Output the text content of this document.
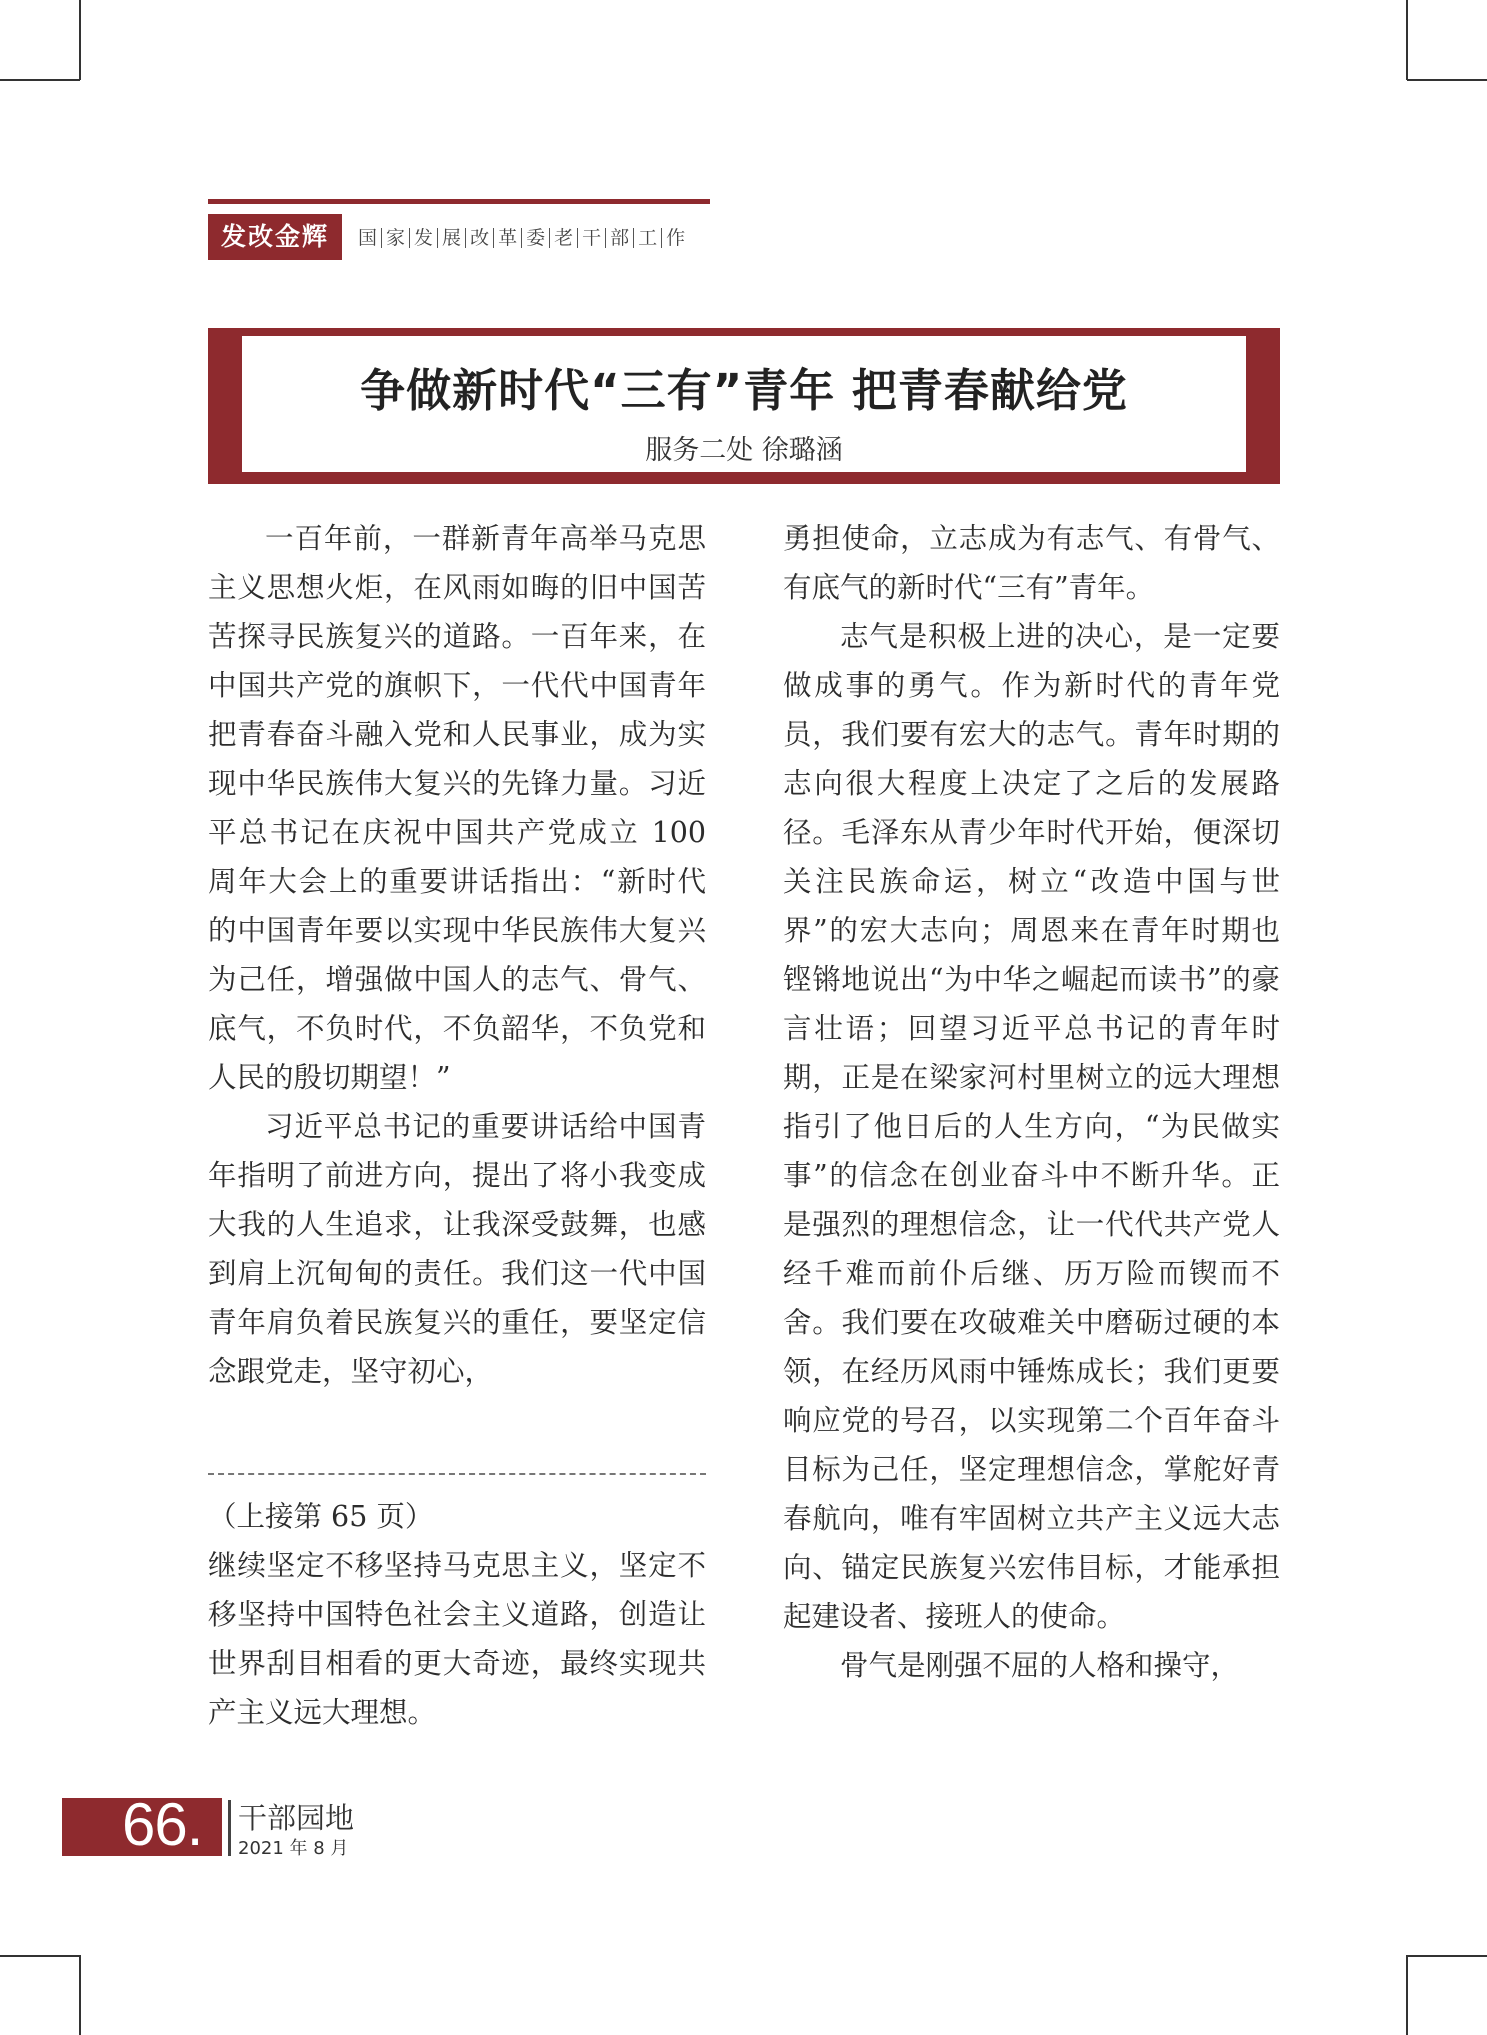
发改金辉	国 家 发 展 改 革 委 老 干 部 工 作
争做新时代“三有”青年 把青春献给党
服务二处 徐璐涵

一百年前，一群新青年高举马克思主义思想火炬，在风雨如晦的旧中国苦苦探寻民族复兴的道路。一百年来，在中国共产党的旗帜下，一代代中国青年把青春奋斗融入党和人民事业，成为实现中华民族伟大复兴的先锋力量。习近平总书记在庆祝中国共产党成立 100 周年大会上的重要讲话指出：“新时代的中国青年要以实现中华民族伟大复兴为己任，增强做中国人的志气、骨气、底气，不负时代，不负韶华，不负党和人民的殷切期望！”

习近平总书记的重要讲话给中国青年指明了前进方向，提出了将小我变成大我的人生追求，让我深受鼓舞，也感到肩上沉甸甸的责任。我们这一代中国青年肩负着民族复兴的重任，要坚定信念跟党走，坚守初心，

（上接第 65 页）

继续坚定不移坚持马克思主义，坚定不移坚持中国特色社会主义道路，创造让世界刮目相看的更大奇迹，最终实现共产主义远大理想。

勇担使命，立志成为有志气、有骨气、有底气的新时代“三有”青年。

志气是积极上进的决心，是一定要做成事的勇气。作为新时代的青年党员，我们要有宏大的志气。青年时期的志向很大程度上决定了之后的发展路径。毛泽东从青少年时代开始，便深切关注民族命运，树立“改造中国与世界”的宏大志向；周恩来在青年时期也铿锵地说出“为中华之崛起而读书”的豪言壮语；回望习近平总书记的青年时期，正是在梁家河村里树立的远大理想指引了他日后的人生方向，“为民做实事”的信念在创业奋斗中不断升华。正是强烈的理想信念，让一代代共产党人经千难而前仆后继、历万险而锲而不舍。我们要在攻破难关中磨砺过硬的本领，在经历风雨中锤炼成长；我们更要响应党的号召，以实现第二个百年奋斗目标为己任，坚定理想信念，掌舵好青春航向，唯有牢固树立共产主义远大志向、锚定民族复兴宏伟目标，才能承担起建设者、接班人的使命。

骨气是刚强不屈的人格和操守，

66. 干部园地
2021 年 8 月
